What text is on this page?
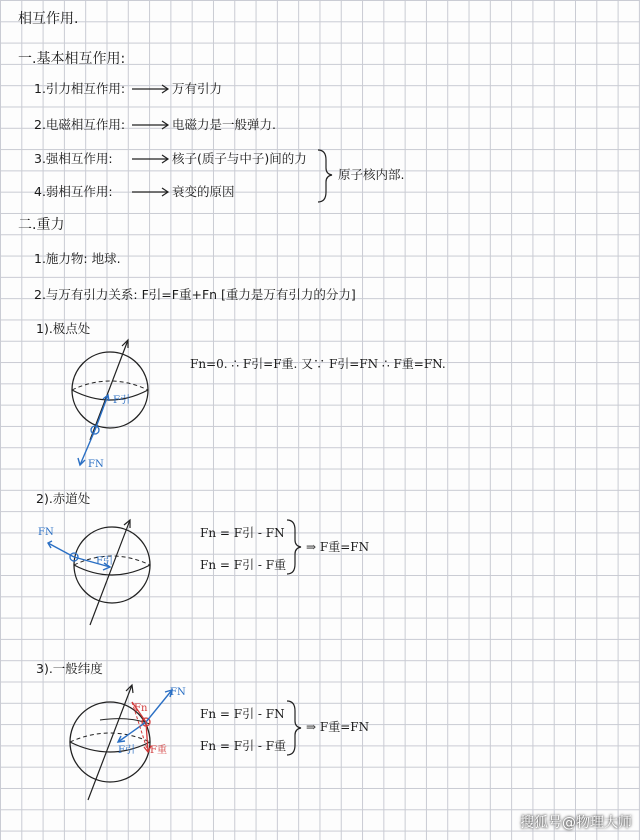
相互作用.
一.基本相互作用:
1.引力相互作用:	万有引力
2.电磁相互作用:	电磁力是一般弹力.
3.强相互作用:	核子(质子与中子)间的力
4.弱相互作用:	衰变的原因
原子核内部.
二.重力
1.施力物: 地球.
2.与万有引力关系: F引=F重+Fn [重力是万有引力的分力]
1).极点处
F引
FN
Fn=0. ∴ F引=F重. 又∵ F引=FN ∴ F重=FN.
2).赤道处
FN
F引
Fn = F引 - FN
Fn = F引 - F重
⇒ F重=FN
3).一般纬度
FN
Fn
F重
F引
Fn = F引 - FN
Fn = F引 - F重
⇒ F重=FN
搜狐号@物理大师
